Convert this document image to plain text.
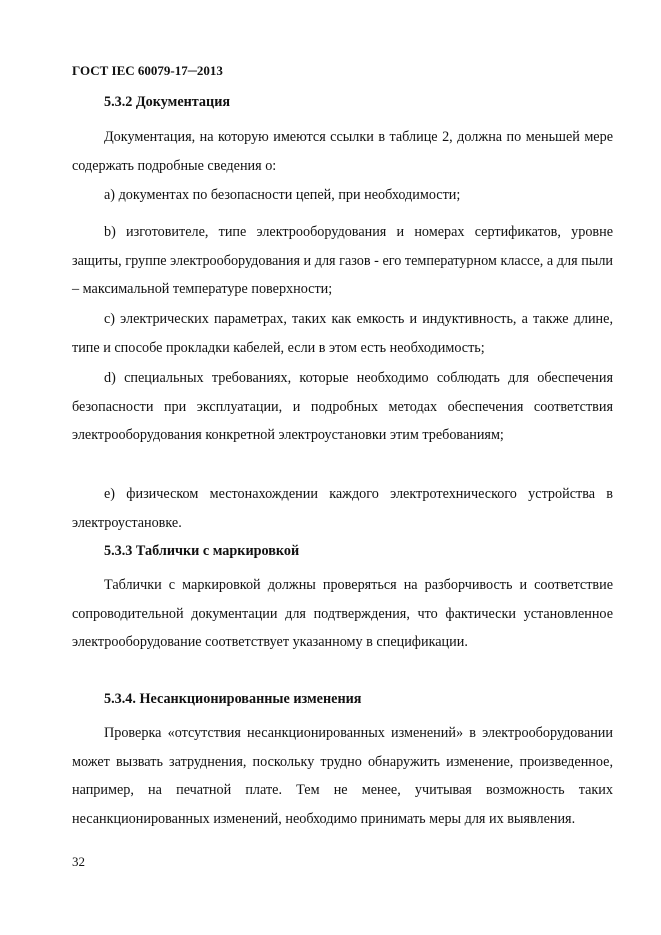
ГОСТ IEC 60079-17─2013
5.3.2 Документация
Документация, на которую имеются ссылки в таблице 2, должна по меньшей мере содержать подробные сведения о:
а) документах по безопасности цепей, при необходимости;
b) изготовителе, типе электрооборудования и номерах сертификатов, уровне защиты, группе электрооборудования и для газов - его температурном классе, а для пыли – максимальной температуре поверхности;
с) электрических параметрах, таких как емкость и индуктивность, а также длине, типе и способе прокладки кабелей, если в этом есть необходимость;
d) специальных требованиях, которые необходимо соблюдать для обеспечения безопасности при эксплуатации, и подробных методах обеспечения соответствия электрооборудования конкретной электроустановки этим требованиям;
e) физическом местонахождении каждого электротехнического устройства в электроустановке.
5.3.3 Таблички с маркировкой
Таблички с маркировкой должны проверяться на разборчивость и соответствие сопроводительной документации для подтверждения, что фактически установленное электрооборудование соответствует указанному в спецификации.
5.3.4. Несанкционированные изменения
Проверка «отсутствия несанкционированных изменений» в электрооборудовании может вызвать затруднения, поскольку трудно обнаружить изменение, произведенное, например, на печатной плате. Тем не менее, учитывая возможность таких несанкционированных изменений, необходимо принимать меры для их выявления.
32
